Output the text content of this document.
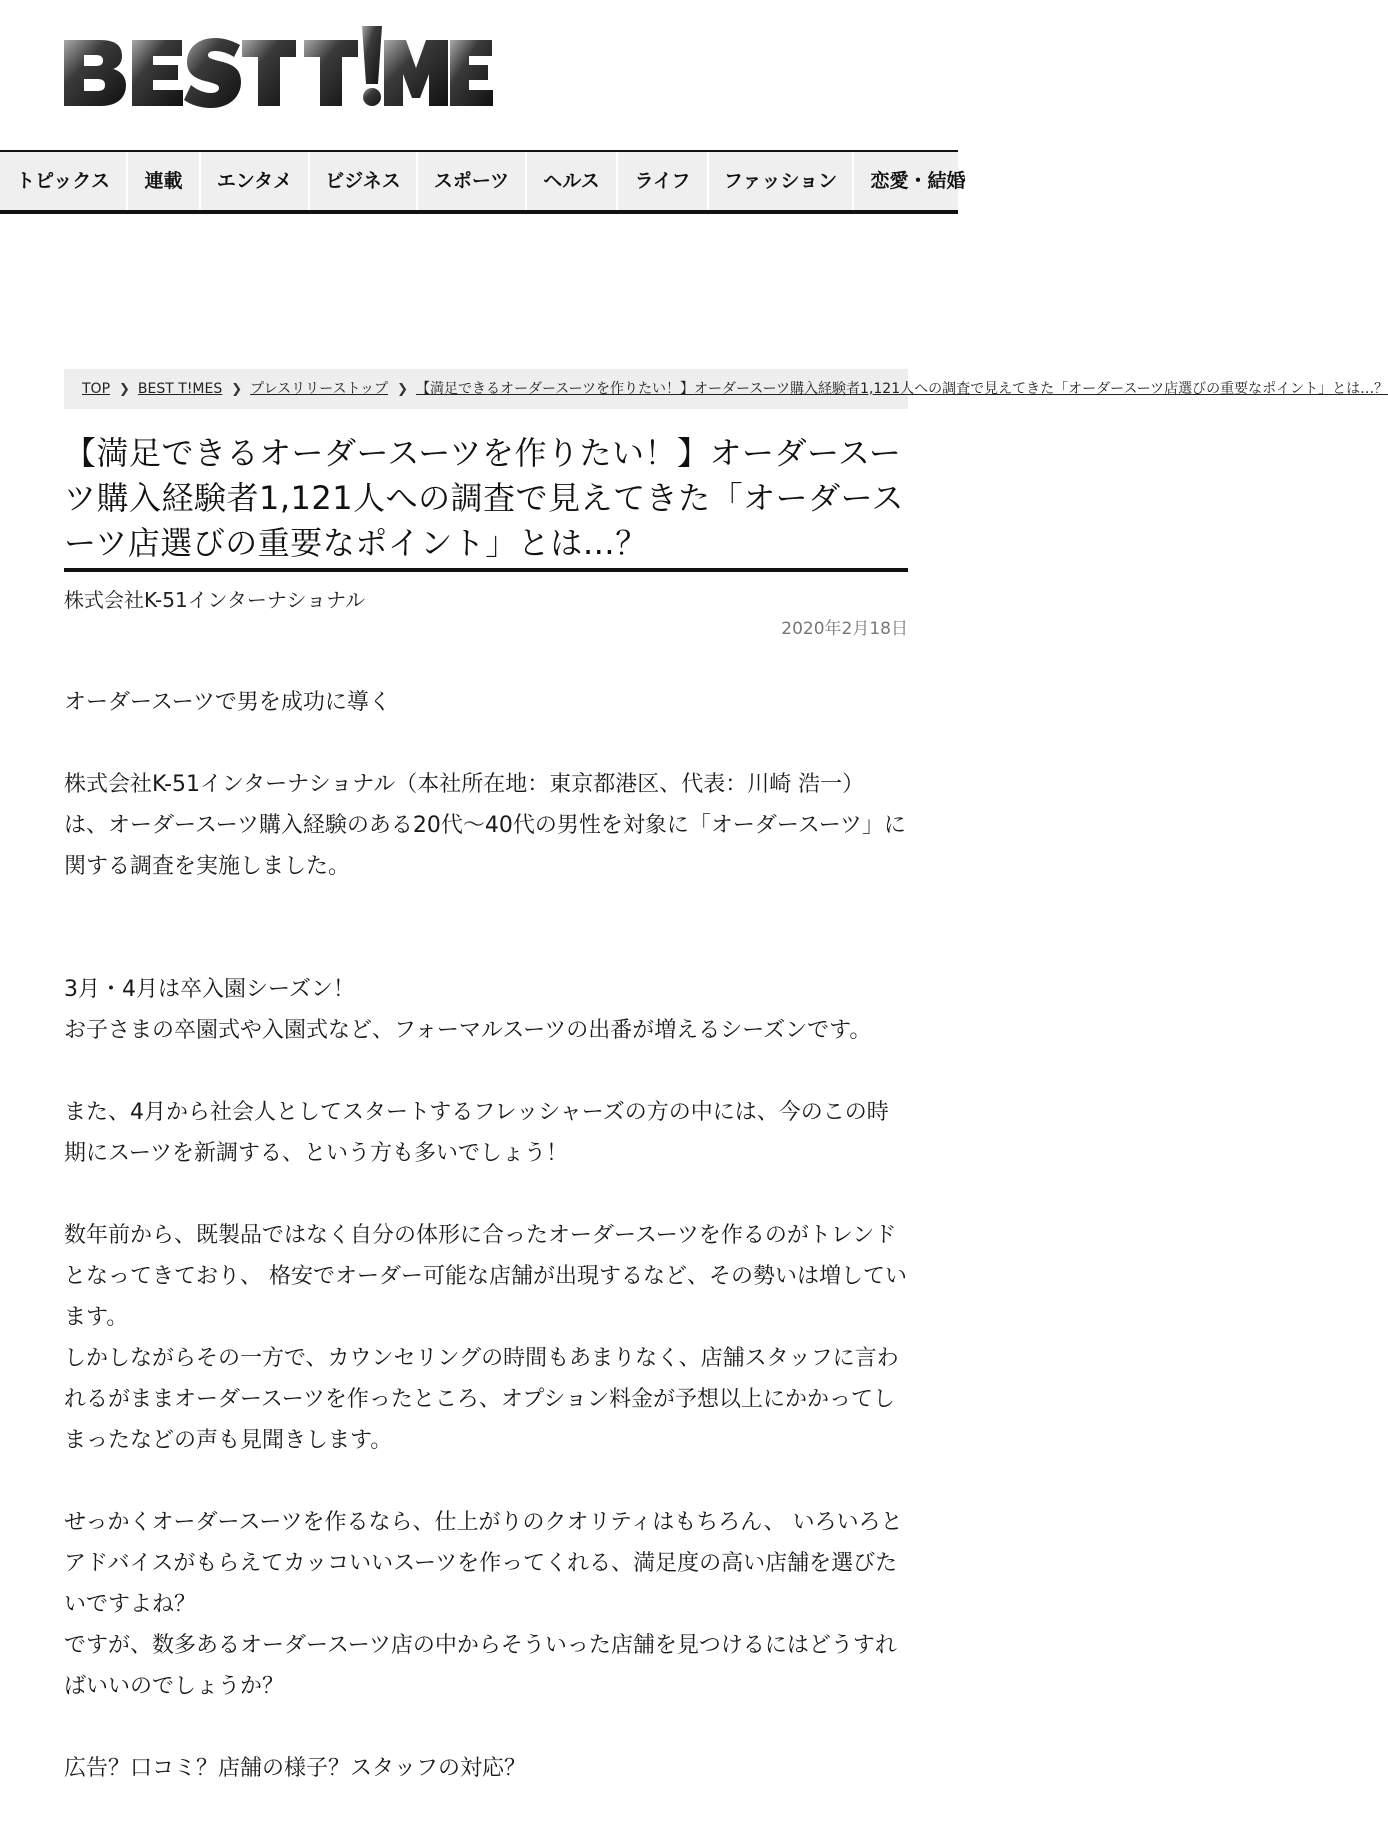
トピックス	連載	エンタメ	ビジネス	スポーツ	ヘルス	ライフ	ファッション	恋愛・結婚
TOP ❯ BEST T!MES ❯ プレスリリーストップ ❯ 【満足できるオーダースーツを作りたい！】オーダースーツ購入経験者1,121人への調査で見えてきた「オーダースーツ店選びの重要なポイント」とは…？
【満足できるオーダースーツを作りたい！】オーダースーツ購入経験者1,121人への調査で見えてきた「オーダースーツ店選びの重要なポイント」とは…？

株式会社K-51インターナショナル

2020年2月18日

オーダースーツで男を成功に導く

株式会社K-51インターナショナル（本社所在地：東京都港区、代表：川崎 浩一）は、オーダースーツ購入経験のある20代〜40代の男性を対象に「オーダースーツ」に関する調査を実施しました。

3月・4月は卒入園シーズン！

お子さまの卒園式や入園式など、フォーマルスーツの出番が増えるシーズンです。

また、4月から社会人としてスタートするフレッシャーズの方の中には、今のこの時期にスーツを新調する、という方も多いでしょう！

数年前から、既製品ではなく自分の体形に合ったオーダースーツを作るのがトレンドとなってきており、 格安でオーダー可能な店舗が出現するなど、その勢いは増しています。

しかしながらその一方で、カウンセリングの時間もあまりなく、店舗スタッフに言われるがままオーダースーツを作ったところ、オプション料金が予想以上にかかってしまったなどの声も見聞きします。

せっかくオーダースーツを作るなら、仕上がりのクオリティはもちろん、 いろいろとアドバイスがもらえてカッコいいスーツを作ってくれる、満足度の高い店舗を選びたいですよね？

ですが、数多あるオーダースーツ店の中からそういった店舗を見つけるにはどうすればいいのでしょうか？

広告？口コミ？店舗の様子？スタッフの対応？
